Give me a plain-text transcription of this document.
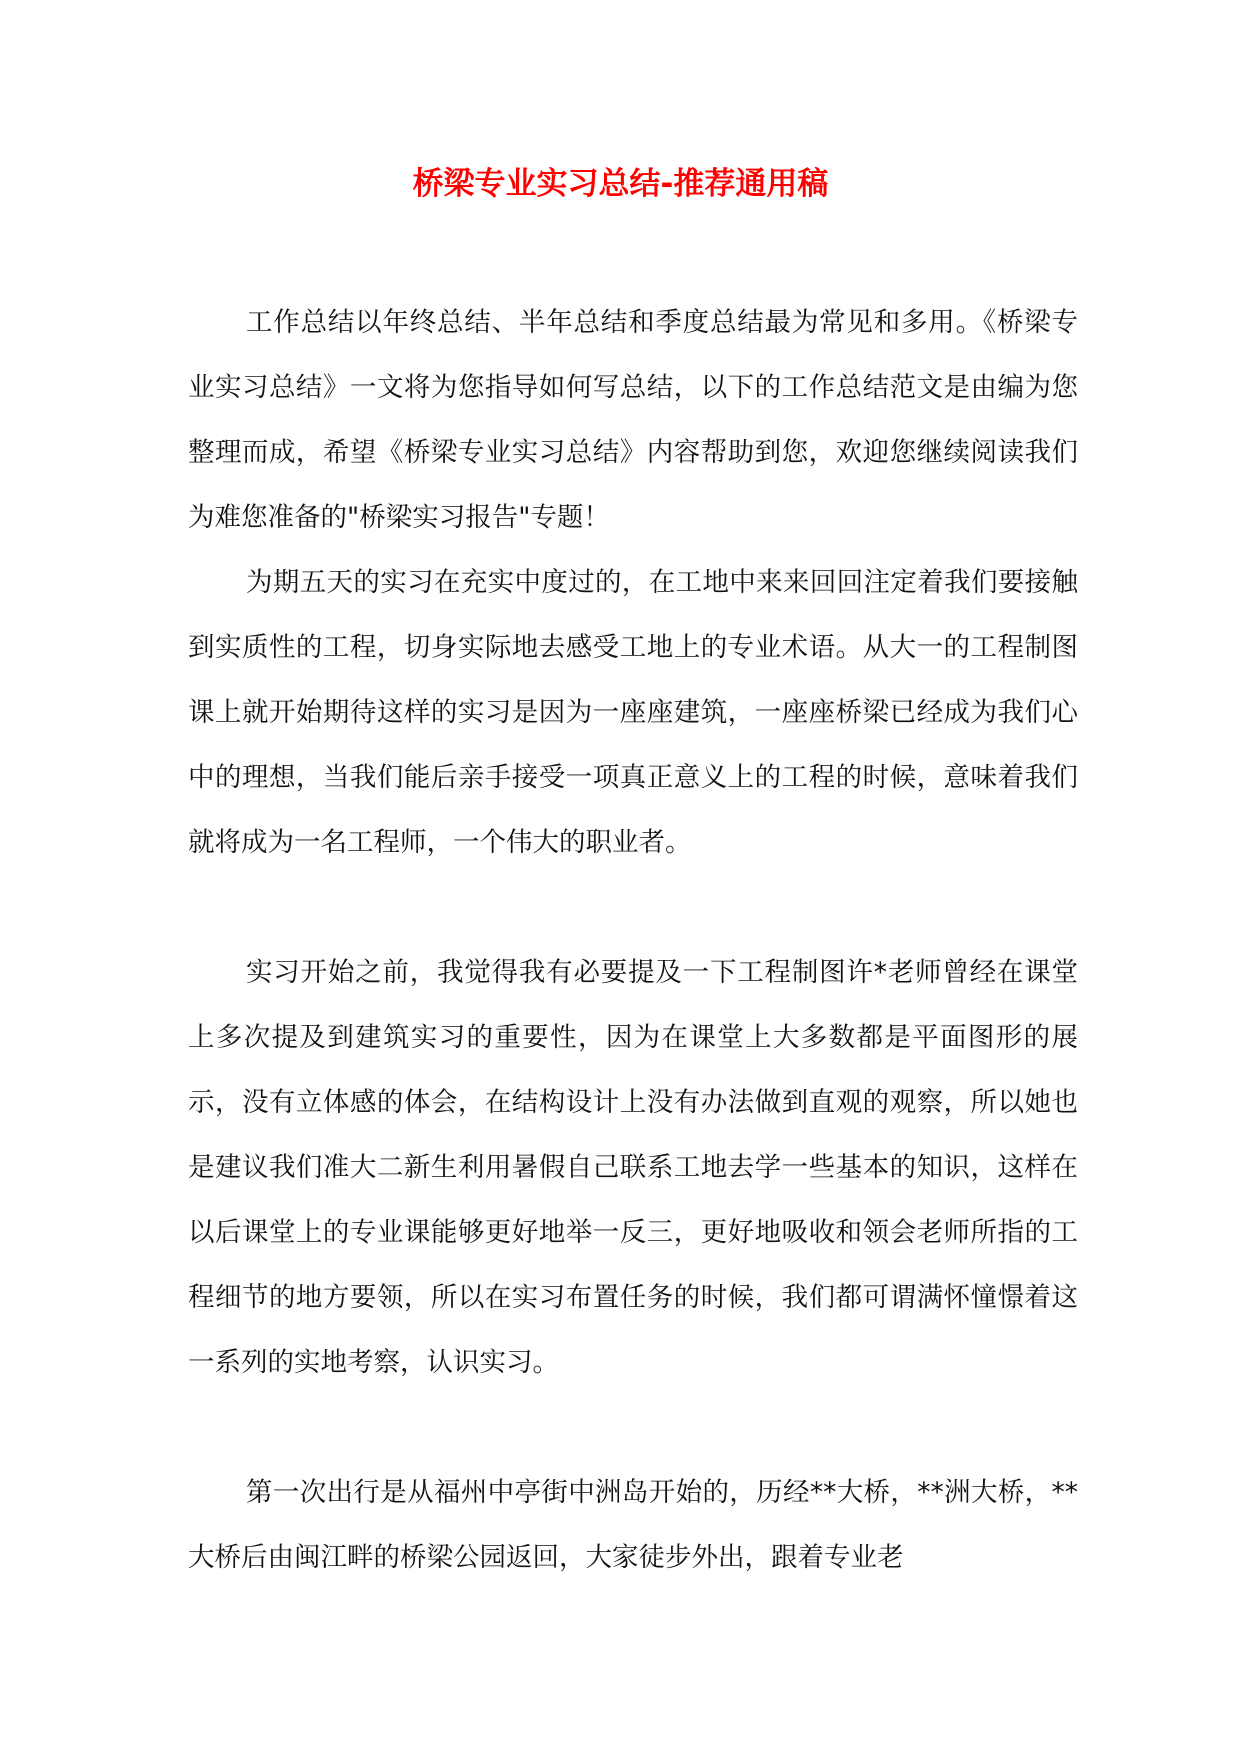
桥梁专业实习总结-推荐通用稿

工作总结以年终总结、半年总结和季度总结最为常见和多用。《桥梁专业实习总结》一文将为您指导如何写总结，以下的工作总结范文是由编为您整理而成，希望《桥梁专业实习总结》内容帮助到您，欢迎您继续阅读我们为难您准备的"桥梁实习报告"专题！

为期五天的实习在充实中度过的，在工地中来来回回注定着我们要接触到实质性的工程，切身实际地去感受工地上的专业术语。从大一的工程制图课上就开始期待这样的实习是因为一座座建筑，一座座桥梁已经成为我们心中的理想，当我们能后亲手接受一项真正意义上的工程的时候，意味着我们就将成为一名工程师，一个伟大的职业者。

实习开始之前，我觉得我有必要提及一下工程制图许*老师曾经在课堂上多次提及到建筑实习的重要性，因为在课堂上大多数都是平面图形的展示，没有立体感的体会，在结构设计上没有办法做到直观的观察，所以她也是建议我们准大二新生利用暑假自己联系工地去学一些基本的知识，这样在以后课堂上的专业课能够更好地举一反三，更好地吸收和领会老师所指的工程细节的地方要领，所以在实习布置任务的时候，我们都可谓满怀憧憬着这一系列的实地考察，认识实习。

第一次出行是从福州中亭街中洲岛开始的，历经**大桥，**洲大桥，**大桥后由闽江畔的桥梁公园返回，大家徒步外出，跟着专业老
